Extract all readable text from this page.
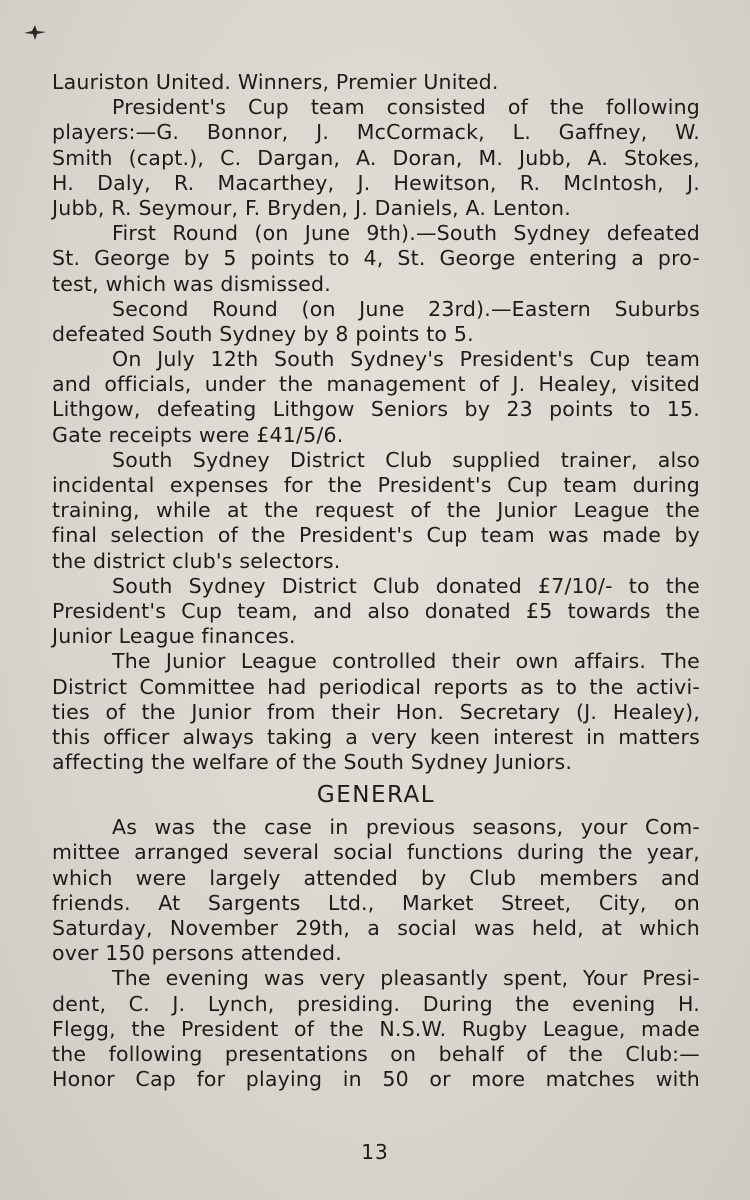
Lauriston United. Winners, Premier United.
President's Cup team consisted of the following
players:—G. Bonnor, J. McCormack, L. Gaffney, W.
Smith (capt.), C. Dargan, A. Doran, M. Jubb, A. Stokes,
H. Daly, R. Macarthey, J. Hewitson, R. McIntosh, J.
Jubb, R. Seymour, F. Bryden, J. Daniels, A. Lenton.
First Round (on June 9th).—South Sydney defeated
St. George by 5 points to 4, St. George entering a pro-
test, which was dismissed.
Second Round (on June 23rd).—Eastern Suburbs
defeated South Sydney by 8 points to 5.
On July 12th South Sydney's President's Cup team
and officials, under the management of J. Healey, visited
Lithgow, defeating Lithgow Seniors by 23 points to 15.
Gate receipts were £41/5/6.
South Sydney District Club supplied trainer, also
incidental expenses for the President's Cup team during
training, while at the request of the Junior League the
final selection of the President's Cup team was made by
the district club's selectors.
South Sydney District Club donated £7/10/- to the
President's Cup team, and also donated £5 towards the
Junior League finances.
The Junior League controlled their own affairs. The
District Committee had periodical reports as to the activi-
ties of the Junior from their Hon. Secretary (J. Healey),
this officer always taking a very keen interest in matters
affecting the welfare of the South Sydney Juniors.
GENERAL
As was the case in previous seasons, your Com-
mittee arranged several social functions during the year,
which were largely attended by Club members and
friends. At Sargents Ltd., Market Street, City, on
Saturday, November 29th, a social was held, at which
over 150 persons attended.
The evening was very pleasantly spent, Your Presi-
dent, C. J. Lynch, presiding. During the evening H.
Flegg, the President of the N.S.W. Rugby League, made
the following presentations on behalf of the Club:—
Honor Cap for playing in 50 or more matches with
13
